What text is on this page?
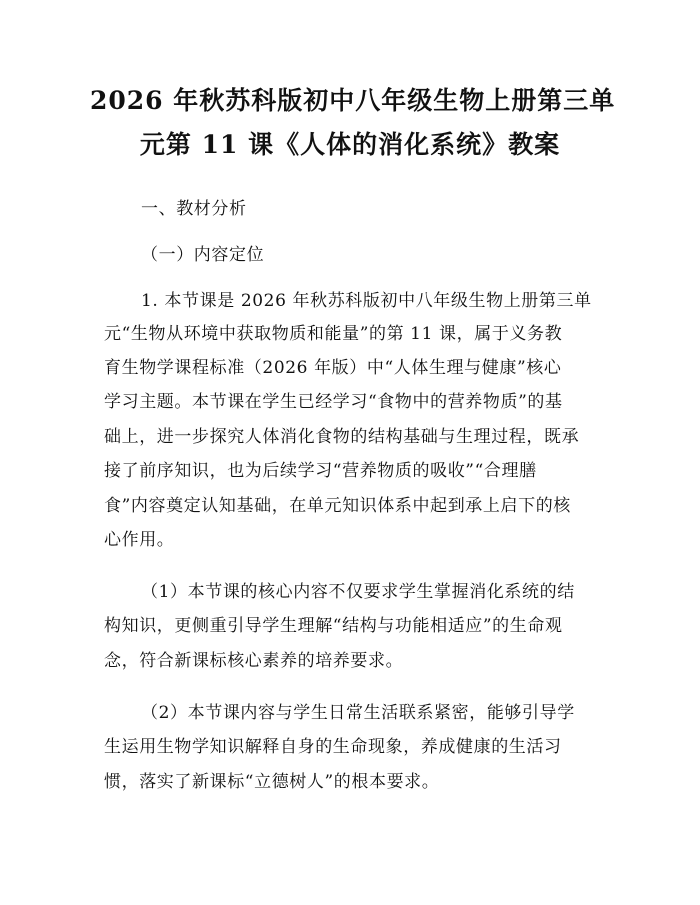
2026 年秋苏科版初中八年级生物上册第三单
元第 11 课《人体的消化系统》教案
一、教材分析
（一）内容定位
1. 本节课是 2026 年秋苏科版初中八年级生物上册第三单
元“生物从环境中获取物质和能量”的第 11 课，属于义务教
育生物学课程标准（2026 年版）中“人体生理与健康”核心
学习主题。本节课在学生已经学习“食物中的营养物质”的基
础上，进一步探究人体消化食物的结构基础与生理过程，既承
接了前序知识，也为后续学习“营养物质的吸收”“合理膳
食”内容奠定认知基础，在单元知识体系中起到承上启下的核
心作用。
（1）本节课的核心内容不仅要求学生掌握消化系统的结
构知识，更侧重引导学生理解“结构与功能相适应”的生命观
念，符合新课标核心素养的培养要求。
（2）本节课内容与学生日常生活联系紧密，能够引导学
生运用生物学知识解释自身的生命现象，养成健康的生活习
惯，落实了新课标“立德树人”的根本要求。
